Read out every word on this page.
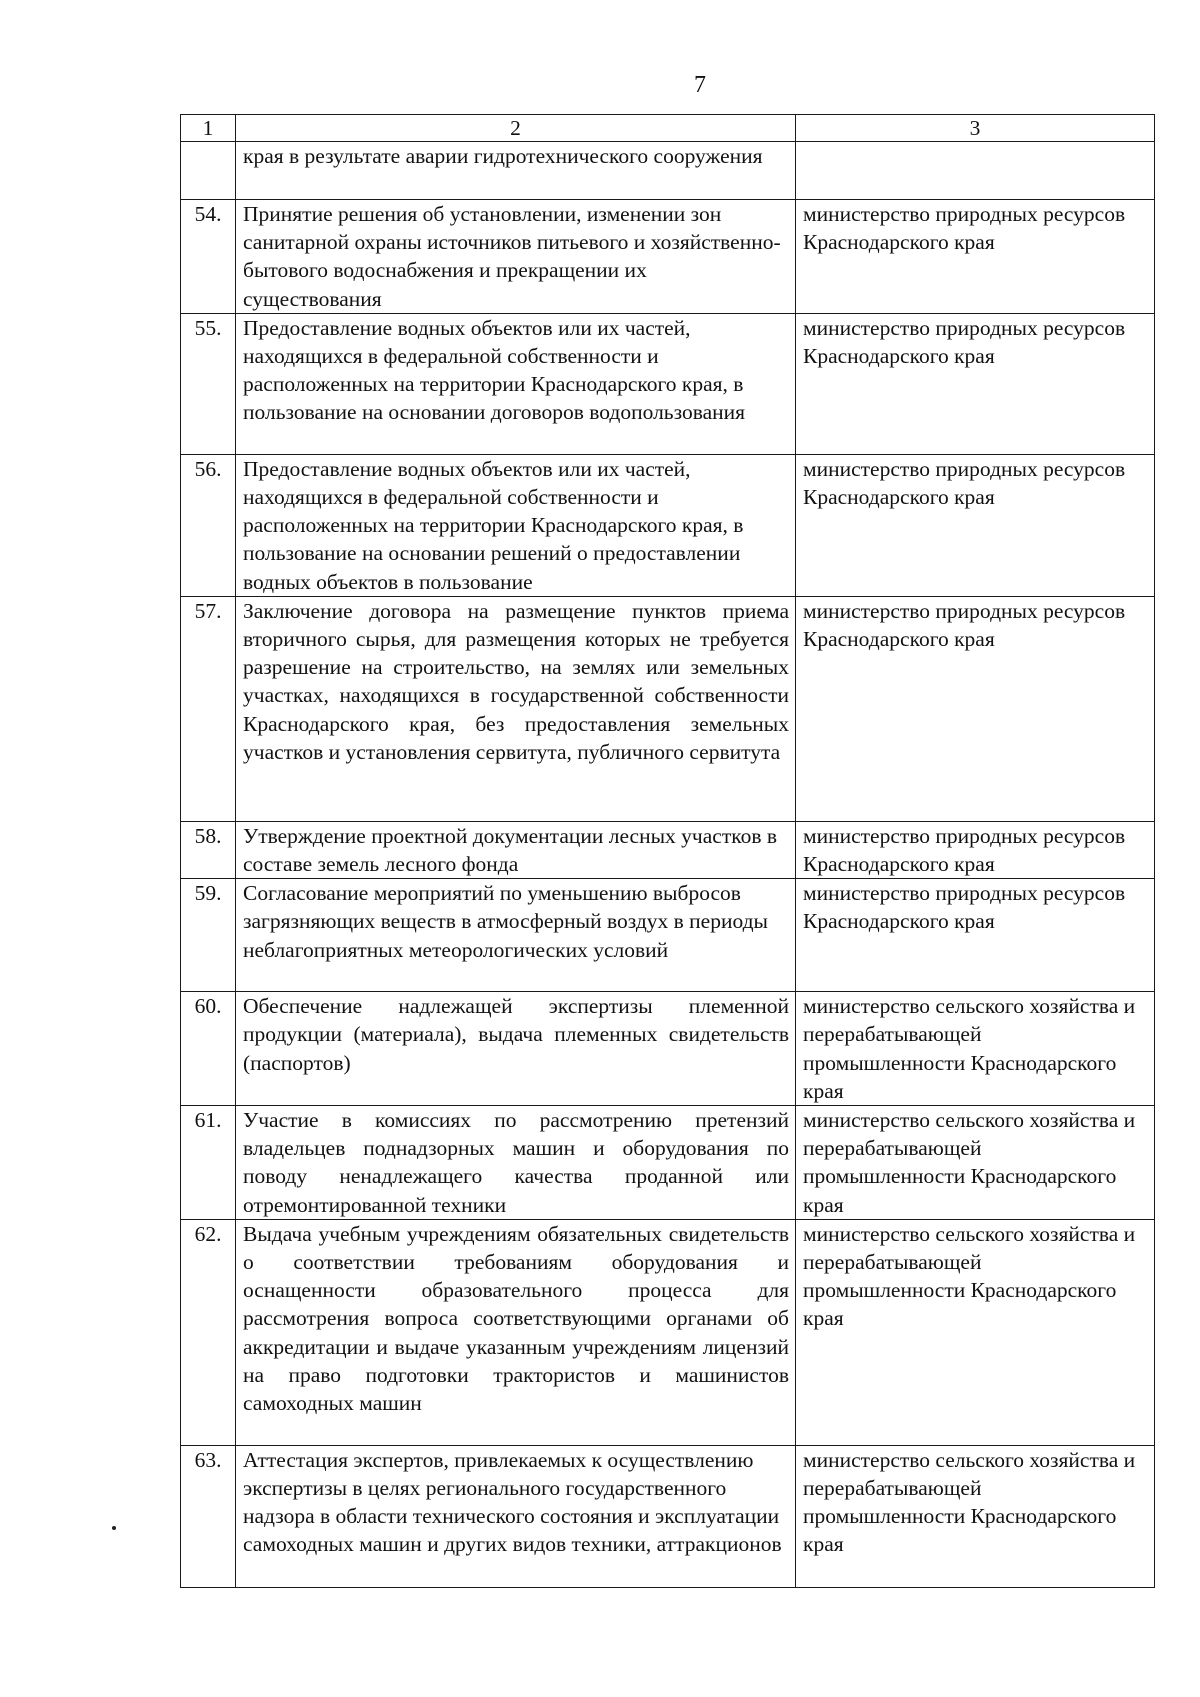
7
1	2	3
	края в результате аварии гидротехнического сооружения	
54.	Принятие решения об установлении, изменении зон санитарной охраны источников питьевого и хозяйственно-бытового водоснабжения и прекращении их существования	министерство природных ресурсов Краснодарского края
55.	Предоставление водных объектов или их частей, находящихся в федеральной собственности и расположенных на территории Краснодарского края, в пользование на основании договоров водопользования	министерство природных ресурсов Краснодарского края
56.	Предоставление водных объектов или их частей, находящихся в федеральной собственности и расположенных на территории Краснодарского края, в пользование на основании решений о предоставлении водных объектов в пользование	министерство природных ресурсов Краснодарского края
57.	Заключение договора на размещение пунктов приема вторичного сырья, для размещения которых не требуется разрешение на строительство, на землях или земельных участках, находящихся в государственной собственности Краснодарского края, без предоставления земельных участков и установления сервитута, публичного сервитута	министерство природных ресурсов Краснодарского края
58.	Утверждение проектной документации лесных участков в составе земель лесного фонда	министерство природных ресурсов Краснодарского края
59.	Согласование мероприятий по уменьшению выбросов загрязняющих веществ в атмосферный воздух в периоды неблагоприятных метеорологических условий	министерство природных ресурсов Краснодарского края
60.	Обеспечение надлежащей экспертизы племенной продукции (материала), выдача племенных свидетельств (паспортов)	министерство сельского хозяйства и перерабатывающей промышленности Краснодарского края
61.	Участие в комиссиях по рассмотрению претензий владельцев поднадзорных машин и оборудования по поводу ненадлежащего качества проданной или отремонтированной техники	министерство сельского хозяйства и перерабатывающей промышленности Краснодарского края
62.	Выдача учебным учреждениям обязательных свидетельств о соответствии требованиям оборудования и оснащенности образовательного процесса для рассмотрения вопроса соответствующими органами об аккредитации и выдаче указанным учреждениям лицензий на право подготовки трактористов и машинистов самоходных машин	министерство сельского хозяйства и перерабатывающей промышленности Краснодарского края
63.	Аттестация экспертов, привлекаемых к осуществлению экспертизы в целях регионального государственного надзора в области технического состояния и эксплуатации самоходных машин и других видов техники, аттракционов	министерство сельского хозяйства и перерабатывающей промышленности Краснодарского края
